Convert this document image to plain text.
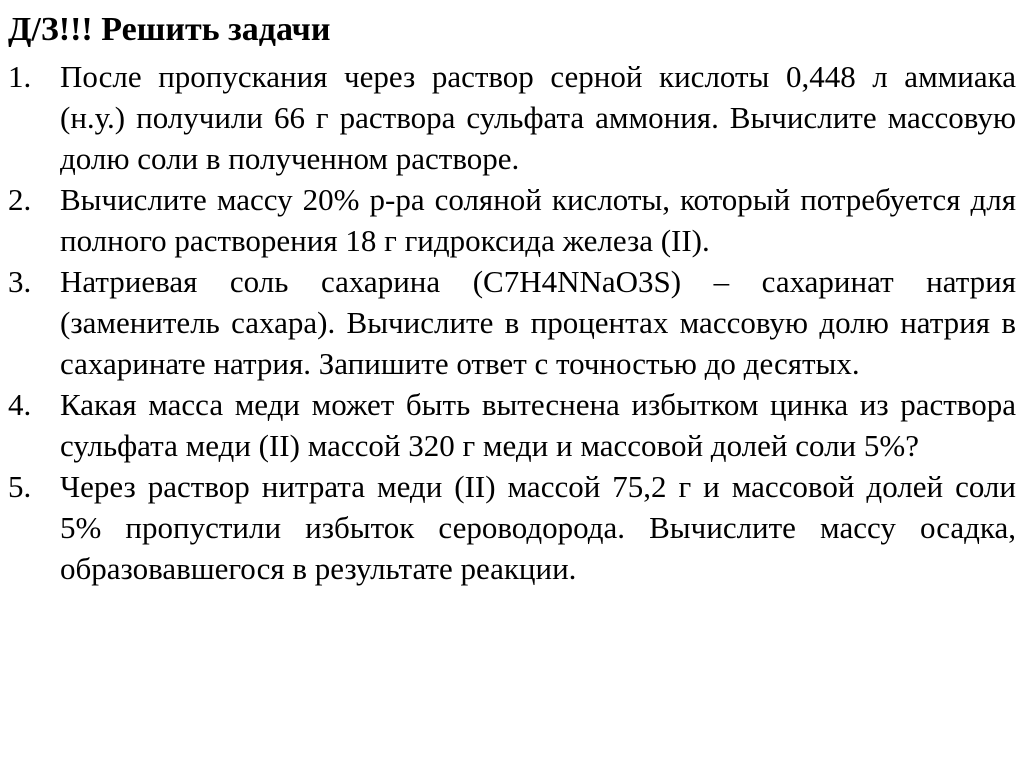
Д/З!!! Решить задачи
1. После пропускания через раствор серной кислоты 0,448 л аммиака (н.у.) получили 66 г раствора сульфата аммония. Вычислите массовую долю соли в полученном растворе.
2. Вычислите массу 20% р-ра соляной кислоты, который потребуется для полного растворения 18 г гидроксида железа (II).
3. Натриевая соль сахарина (C7H4NNaO3S) – сахаринат натрия (заменитель сахара). Вычислите в процентах массовую долю натрия в сахаринате натрия. Запишите ответ с точностью до десятых.
4. Какая масса меди может быть вытеснена избытком цинка из раствора сульфата меди (II) массой 320 г меди и массовой долей соли 5%?
5. Через раствор нитрата меди (II) массой 75,2 г и массовой долей соли 5% пропустили избыток сероводорода. Вычислите массу осадка, образовавшегося в результате реакции.
